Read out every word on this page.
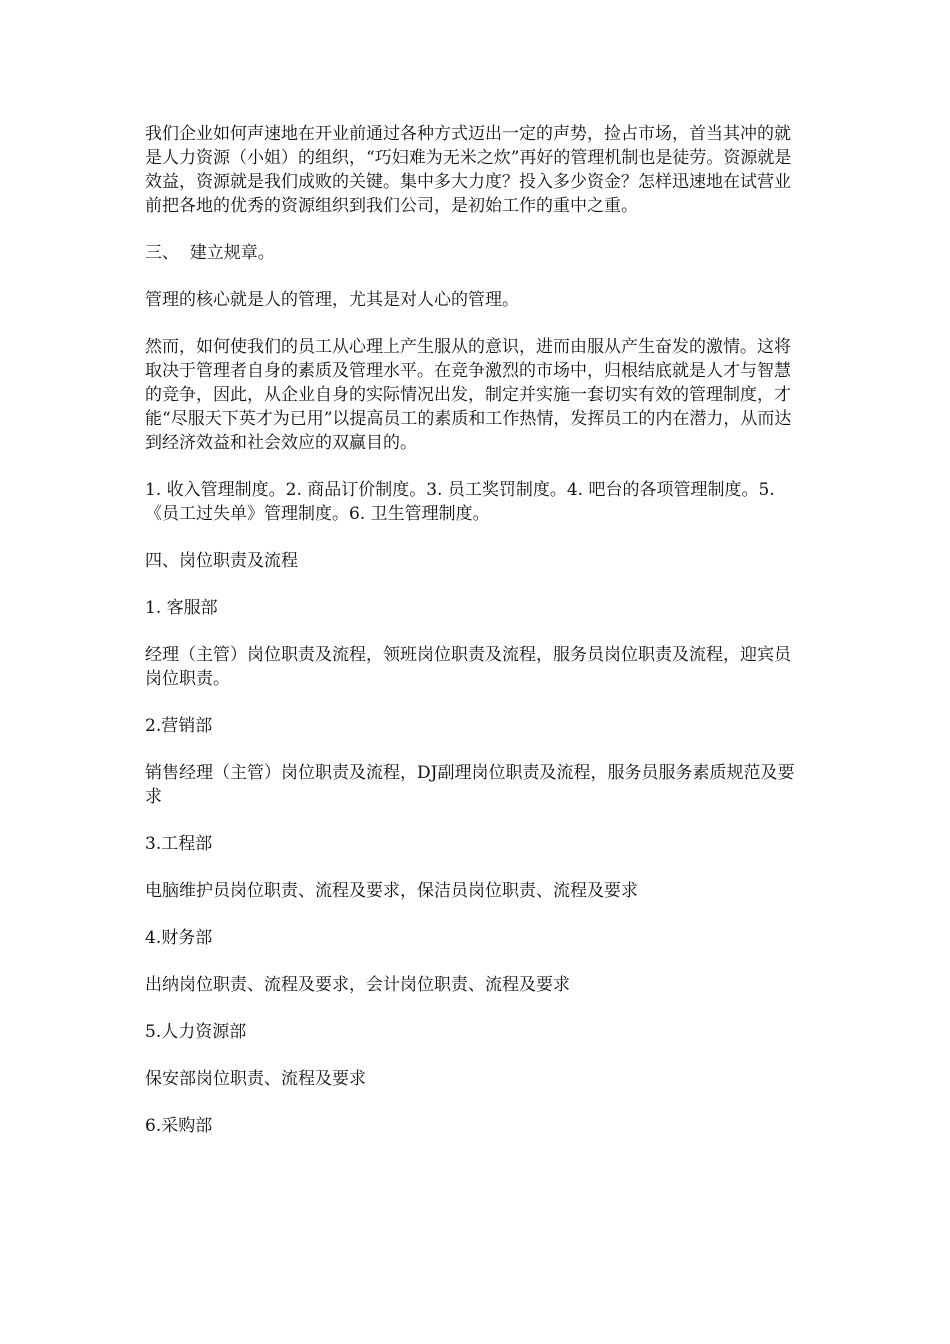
我们企业如何声速地在开业前通过各种方式迈出一定的声势，捡占市场，首当其冲的就是人力资源（小姐）的组织，“巧妇难为无米之炊”再好的管理机制也是徒劳。资源就是效益，资源就是我们成败的关键。集中多大力度？投入多少资金？怎样迅速地在试营业前把各地的优秀的资源组织到我们公司，是初始工作的重中之重。

三、  建立规章。

管理的核心就是人的管理，尤其是对人心的管理。

然而，如何使我们的员工从心理上产生服从的意识，进而由服从产生奋发的激情。这将取决于管理者自身的素质及管理水平。在竞争激烈的市场中，归根结底就是人才与智慧的竞争，因此，从企业自身的实际情况出发，制定并实施一套切实有效的管理制度，才能“尽服天下英才为已用”以提高员工的素质和工作热情，发挥员工的内在潜力，从而达到经济效益和社会效应的双赢目的。

1. 收入管理制度。2. 商品订价制度。3. 员工奖罚制度。4. 吧台的各项管理制度。5.《员工过失单》管理制度。6. 卫生管理制度。

四、岗位职责及流程

1. 客服部

经理（主管）岗位职责及流程，领班岗位职责及流程，服务员岗位职责及流程，迎宾员岗位职责。

2.营销部

销售经理（主管）岗位职责及流程，DJ副理岗位职责及流程，服务员服务素质规范及要求

3.工程部

电脑维护员岗位职责、流程及要求，保洁员岗位职责、流程及要求

4.财务部

出纳岗位职责、流程及要求，会计岗位职责、流程及要求

5.人力资源部

保安部岗位职责、流程及要求

6.采购部
